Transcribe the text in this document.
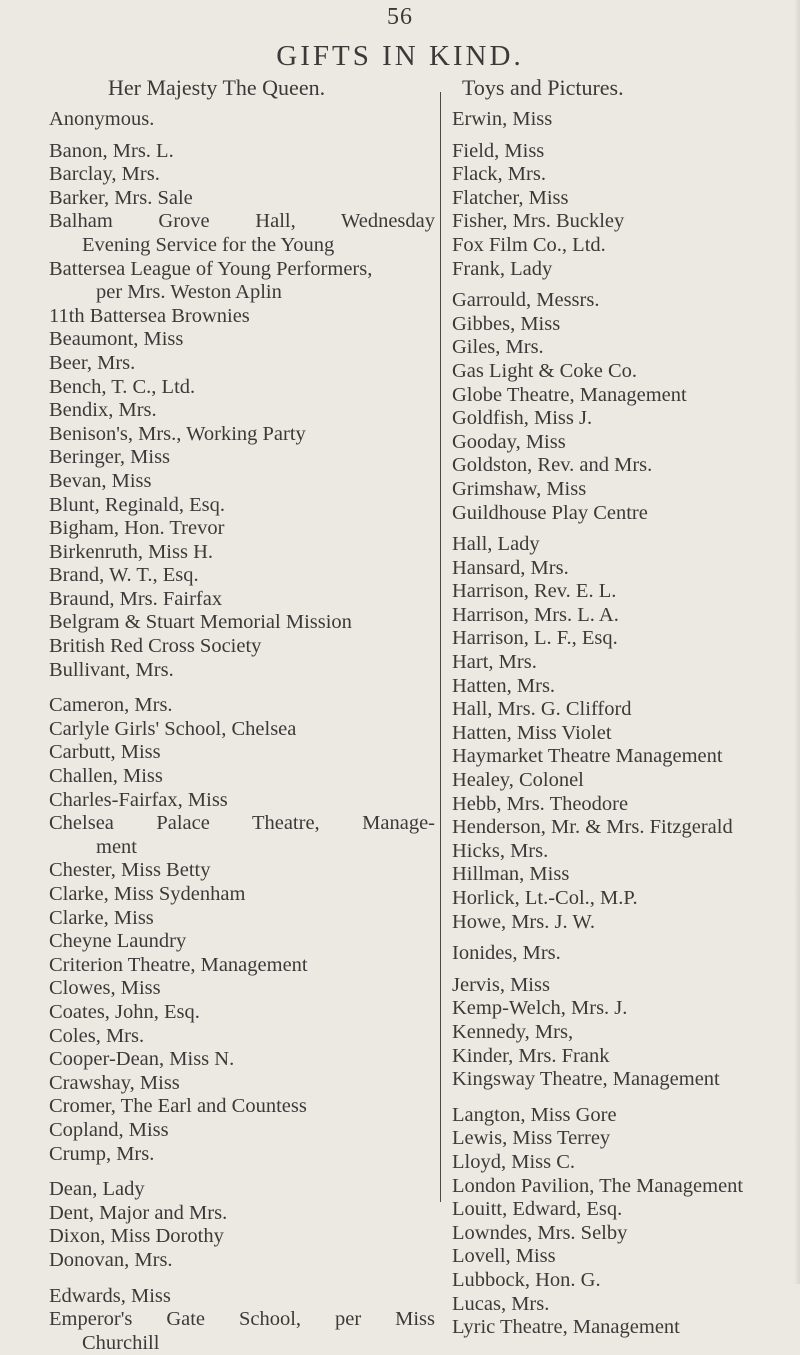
56
GIFTS IN KIND.
Her Majesty The Queen.	Toys and Pictures.
Anonymous.
Banon, Mrs. L.
Barclay, Mrs.
Barker, Mrs. Sale
Balham Grove Hall, Wednesday
Evening Service for the Young
Battersea League of Young Performers,
per Mrs. Weston Aplin
11th Battersea Brownies
Beaumont, Miss
Beer, Mrs.
Bench, T. C., Ltd.
Bendix, Mrs.
Benison's, Mrs., Working Party
Beringer, Miss
Bevan, Miss
Blunt, Reginald, Esq.
Bigham, Hon. Trevor
Birkenruth, Miss H.
Brand, W. T., Esq.
Braund, Mrs. Fairfax
Belgram & Stuart Memorial Mission
British Red Cross Society
Bullivant, Mrs.
Cameron, Mrs.
Carlyle Girls' School, Chelsea
Carbutt, Miss
Challen, Miss
Charles-Fairfax, Miss
Chelsea Palace Theatre, Manage-
ment
Chester, Miss Betty
Clarke, Miss Sydenham
Clarke, Miss
Cheyne Laundry
Criterion Theatre, Management
Clowes, Miss
Coates, John, Esq.
Coles, Mrs.
Cooper-Dean, Miss N.
Crawshay, Miss
Cromer, The Earl and Countess
Copland, Miss
Crump, Mrs.
Dean, Lady
Dent, Major and Mrs.
Dixon, Miss Dorothy
Donovan, Mrs.
Edwards, Miss
Emperor's Gate School, per Miss
Churchill
Erwin, Miss
Field, Miss
Flack, Mrs.
Flatcher, Miss
Fisher, Mrs. Buckley
Fox Film Co., Ltd.
Frank, Lady
Garrould, Messrs.
Gibbes, Miss
Giles, Mrs.
Gas Light & Coke Co.
Globe Theatre, Management
Goldfish, Miss J.
Gooday, Miss
Goldston, Rev. and Mrs.
Grimshaw, Miss
Guildhouse Play Centre
Hall, Lady
Hansard, Mrs.
Harrison, Rev. E. L.
Harrison, Mrs. L. A.
Harrison, L. F., Esq.
Hart, Mrs.
Hatten, Mrs.
Hall, Mrs. G. Clifford
Hatten, Miss Violet
Haymarket Theatre Management
Healey, Colonel
Hebb, Mrs. Theodore
Henderson, Mr. & Mrs. Fitzgerald
Hicks, Mrs.
Hillman, Miss
Horlick, Lt.-Col., M.P.
Howe, Mrs. J. W.
Ionides, Mrs.
Jervis, Miss
Kemp-Welch, Mrs. J.
Kennedy, Mrs,
Kinder, Mrs. Frank
Kingsway Theatre, Management
Langton, Miss Gore
Lewis, Miss Terrey
Lloyd, Miss C.
London Pavilion, The Management
Louitt, Edward, Esq.
Lowndes, Mrs. Selby
Lovell, Miss
Lubbock, Hon. G.
Lucas, Mrs.
Lyric Theatre, Management
